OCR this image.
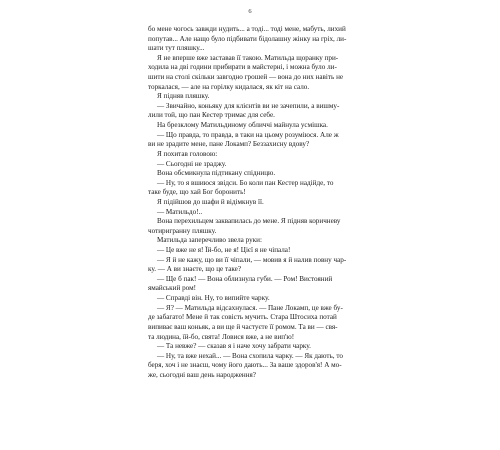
6
бо мене чогось завжди нудить... а тоді... тоді мене, мабуть, лихий
попутав... Але нащо було підбивати бідолашну жінку на гріх, ли-
шати тут пляшку...
Я не вперше вже заставав її такою. Матильда щоранку при-
ходила на дві години прибирати в майстерні, і можна було ли-
шити на столі скільки завгодно грошей — вона до них навіть не
торкалася, — але на горілку кидалася, як кіт на сало.
Я підняв пляшку.
— Звичайно, коньяку для клієнтів ви не зачепили, а вишму-
лили той, що пан Кестер тримає для себе.
На брезклому Матильдиному обличчі майнула усмішка.
— Що правда, то правда, в таки на цьому розуміюся. Але ж
ви не зрадите мене, пане Локамп? Беззахисну вдову?
Я похитав головою:
— Сьогодні не зраджу.
Вона обсмикнула підтикану спідницю.
— Ну, то я вшиюся звідси. Бо коли пан Кестер надійде, то
таке буде, що хай Бог боронить!
Я підійшов до шафи й відімкнув її.
— Матильдо!..
Вона перехильцем заквапилась до мене. Я підняв коричневу
чотиригранну пляшку.
Матильда заперечливо звела руки:
— Це вже не я! Їй-бо, не я! Цієї я не чіпала!
— Я й не кажу, що ви її чіпали, — мовив я й налив повну чар-
ку. — А ви знаєте, що це таке?
— Ще б пак! — Вона облизнула губи. — Ром! Вистояний
ямайський ром!
— Справді він. Ну, то випийте чарку.
— Я? — Матильда відсахнулася. — Пане Локамп, це вже бу-
де забагато! Мене й так совість мучить. Стара Штосиха потай
випиває ваш коньяк, а ви ще й частуєте її ромом. Та ви — свя-
та людина, їй-бо, свята! Ловися вже, а не вип'ю!
— Та невже? — сказав я і наче хочу забрати чарку.
— Ну, та вже нехай... — Вона схопила чарку. — Як дають, то
беря, хоч і не знаєш, чому його дають... За ваше здоров'я! А мо-
же, сьогодні ваш день народження?
